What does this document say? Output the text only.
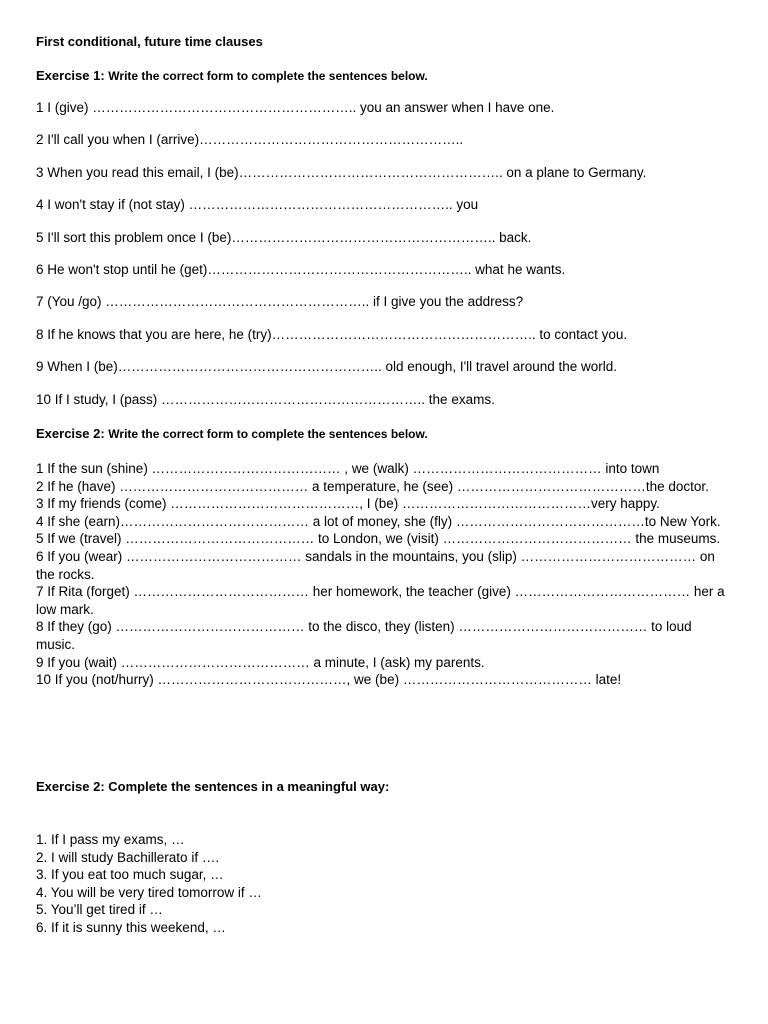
First conditional, future time clauses
Exercise 1: Write the correct form to complete the sentences below.
1 I (give) ………………………………………………….. you an answer when I have one.
2 I'll call you when I (arrive)…………………………………………………..
3 When you read this email, I (be)………………………………………………….. on a plane to Germany.
4 I won't stay if (not stay) ………………………………………………….. you
5 I'll sort this problem once I (be)………………………………………………….. back.
6 He won't stop until he (get)………………………………………………….. what he wants.
7 (You /go) ………………………………………………….. if I give you the address?
8 If he knows that you are here, he (try)………………………………………………….. to contact you.
9 When I (be)………………………………………………….. old enough, I'll travel around the world.
10 If I study, I (pass) ………………………………………………….. the exams.
Exercise 2: Write the correct form to complete the sentences below.
1 If the sun (shine) …………………………………… , we (walk) …………………………………… into town
2 If he (have) …………………………………… a temperature, he (see) ……………………………………the doctor.
3 If my friends (come) ……………………………………, I (be) ……………………………………very happy.
4 If she (earn)…………………………………… a lot of money, she (fly) ……………………………………to New York.
5 If we (travel) …………………………………… to London, we (visit) …………………………………… the museums.
6 If you (wear) ………………………………… sandals in the mountains, you (slip) ………………………………… on the rocks.
7 If Rita (forget) ………………………………… her homework, the teacher (give) ………………………………… her a low mark.
8 If they (go) …………………………………… to the disco, they (listen) …………………………………… to loud music.
9 If you (wait) …………………………………… a minute, I (ask) my parents.
10 If you (not/hurry) ……………………………………, we (be) …………………………………… late!
Exercise 2: Complete the sentences in a meaningful way:
1. If I pass my exams, …
2. I will study Bachillerato if ….
3. If you eat too much sugar, …
4. You will be very tired tomorrow if …
5. You’ll get tired if …
6. If it is sunny this weekend, …
